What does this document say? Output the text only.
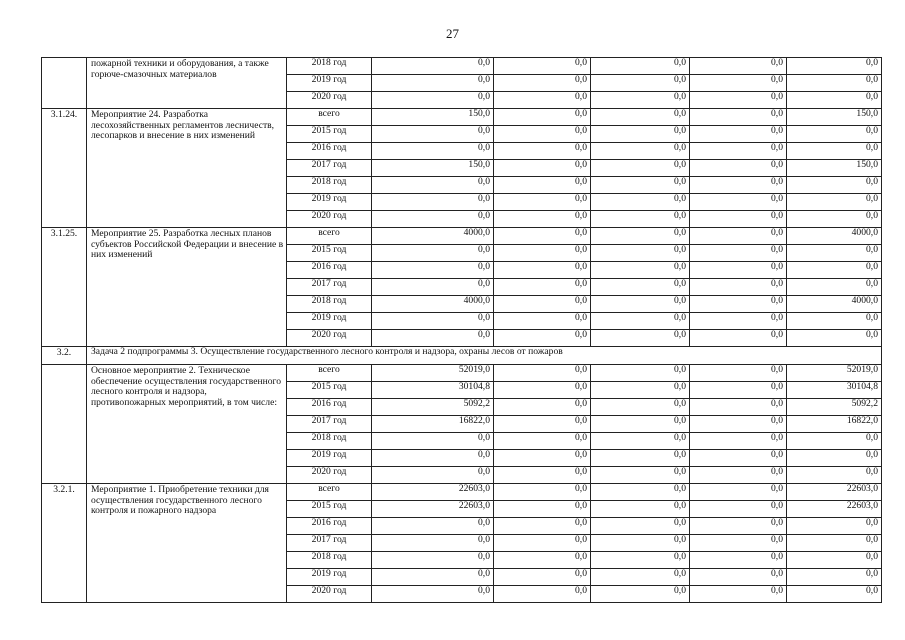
27
	пожарной техники и оборудования, а также горюче-смазочных материалов	2018 год	0,0	0,0	0,0	0,0	0,0
		2019 год	0,0	0,0	0,0	0,0	0,0
		2020 год	0,0	0,0	0,0	0,0	0,0
3.1.24.	Мероприятие 24. Разработка лесохозяйственных регламентов лесничеств, лесопарков и внесение в них изменений	всего	150,0	0,0	0,0	0,0	150,0
		2015 год	0,0	0,0	0,0	0,0	0,0
		2016 год	0,0	0,0	0,0	0,0	0,0
		2017 год	150,0	0,0	0,0	0,0	150,0
		2018 год	0,0	0,0	0,0	0,0	0,0
		2019 год	0,0	0,0	0,0	0,0	0,0
		2020 год	0,0	0,0	0,0	0,0	0,0
3.1.25.	Мероприятие 25. Разработка лесных планов субъектов Российской Федерации и внесение в них изменений	всего	4000,0	0,0	0,0	0,0	4000,0
		2015 год	0,0	0,0	0,0	0,0	0,0
		2016 год	0,0	0,0	0,0	0,0	0,0
		2017 год	0,0	0,0	0,0	0,0	0,0
		2018 год	4000,0	0,0	0,0	0,0	4000,0
		2019 год	0,0	0,0	0,0	0,0	0,0
		2020 год	0,0	0,0	0,0	0,0	0,0
3.2.	Задача 2 подпрограммы 3. Осуществление государственного лесного контроля и надзора, охраны лесов от пожаров						
	Основное мероприятие 2. Техническое обеспечение осуществления государственного лесного контроля и надзора, противопожарных мероприятий, в том числе:	всего	52019,0	0,0	0,0	0,0	52019,0
		2015 год	30104,8	0,0	0,0	0,0	30104,8
		2016 год	5092,2	0,0	0,0	0,0	5092,2
		2017 год	16822,0	0,0	0,0	0,0	16822,0
		2018 год	0,0	0,0	0,0	0,0	0,0
		2019 год	0,0	0,0	0,0	0,0	0,0
		2020 год	0,0	0,0	0,0	0,0	0,0
3.2.1.	Мероприятие 1. Приобретение техники для осуществления государственного лесного контроля и пожарного надзора	всего	22603,0	0,0	0,0	0,0	22603,0
		2015 год	22603,0	0,0	0,0	0,0	22603,0
		2016 год	0,0	0,0	0,0	0,0	0,0
		2017 год	0,0	0,0	0,0	0,0	0,0
		2018 год	0,0	0,0	0,0	0,0	0,0
		2019 год	0,0	0,0	0,0	0,0	0,0
		2020 год	0,0	0,0	0,0	0,0	0,0
